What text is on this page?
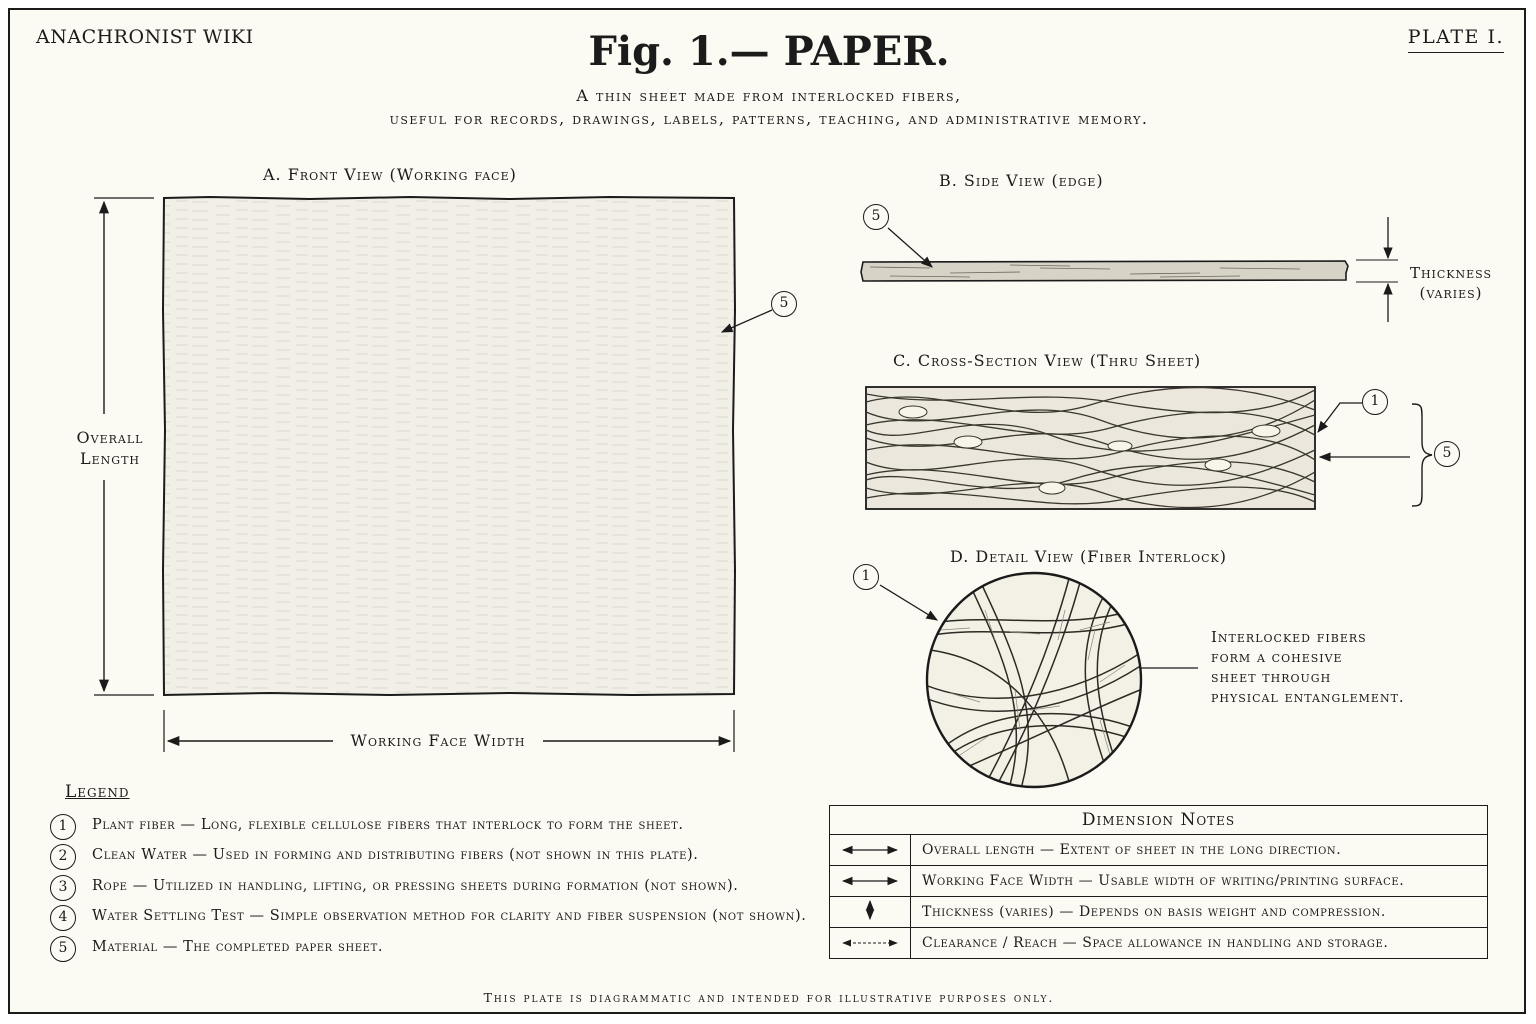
ANACHRONIST WIKI	PLATE I.
Fig. 1.— PAPER.
A thin sheet made from interlocked fibers,
useful for records, drawings, labels, patterns, teaching, and administrative memory.
A. Front View (Working face)	B. Side View (edge)
C. Cross-Section View (Thru Sheet)
D. Detail View (Fiber Interlock)
Overall
Length
Working Face Width
5
5
Thickness
(varies)
1
5
1
Interlocked fibers
form a cohesive
sheet through
physical entanglement.
Legend
1	Plant fiber — Long, flexible cellulose fibers that interlock to form the sheet.
2	Clean Water — Used in forming and distributing fibers (not shown in this plate).
3	Rope — Utilized in handling, lifting, or pressing sheets during formation (not shown).
4	Water Settling Test — Simple observation method for clarity and fiber suspension (not shown).
5	Material — The completed paper sheet.
Dimension Notes	
	Overall length — Extent of sheet in the long direction.
	Working Face Width — Usable width of writing/printing surface.
	Thickness (varies) — Depends on basis weight and compression.
	Clearance / Reach — Space allowance in handling and storage.
This plate is diagrammatic and intended for illustrative purposes only.
